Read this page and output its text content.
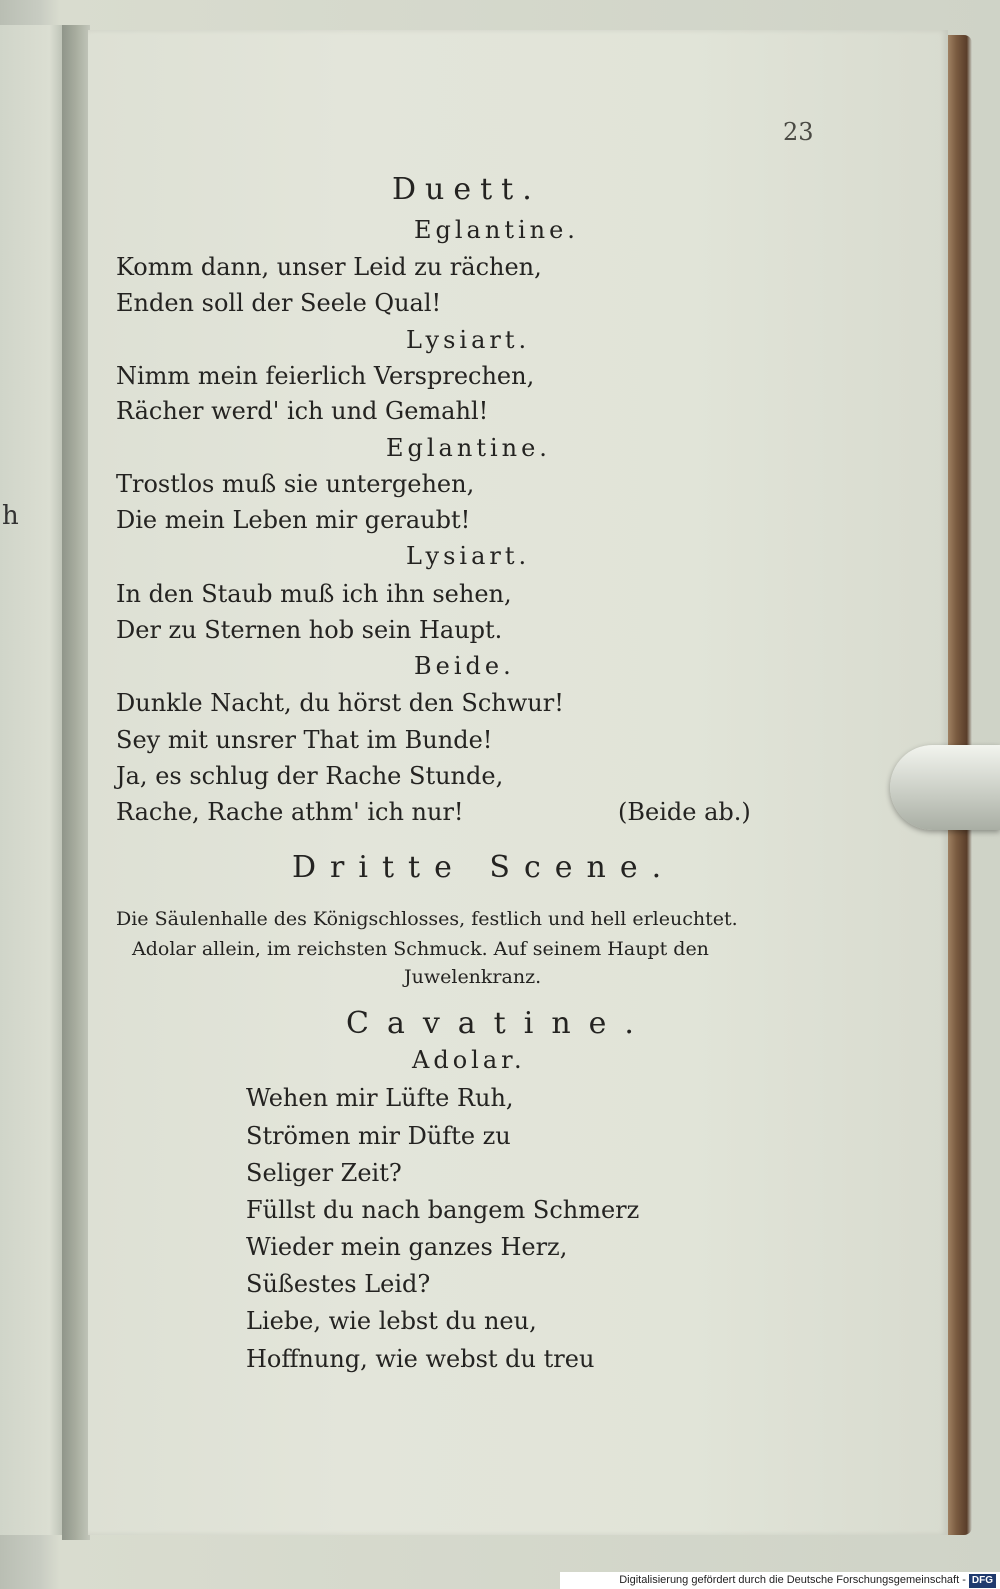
h
23
Duett.
Eglantine.
Komm dann, unser Leid zu rächen,
Enden soll der Seele Qual!
Lysiart.
Nimm mein feierlich Versprechen,
Rächer werd' ich und Gemahl!
Eglantine.
Trostlos muß sie untergehen,
Die mein Leben mir geraubt!
Lysiart.
In den Staub muß ich ihn sehen,
Der zu Sternen hob sein Haupt.
Beide.
Dunkle Nacht, du hörst den Schwur!
Sey mit unsrer That im Bunde!
Ja, es schlug der Rache Stunde,
Rache, Rache athm' ich nur!	(Beide ab.)
Dritte Scene.
Die Säulenhalle des Königschlosses, festlich und hell erleuchtet.
Adolar allein, im reichsten Schmuck. Auf seinem Haupt den
Juwelenkranz.
Cavatine.
Adolar.
Wehen mir Lüfte Ruh,
Strömen mir Düfte zu
Seliger Zeit?
Füllst du nach bangem Schmerz
Wieder mein ganzes Herz,
Süßestes Leid?
Liebe, wie lebst du neu,
Hoffnung, wie webst du treu
Digitalisierung gefördert durch die Deutsche Forschungsgemeinschaft - DFG
